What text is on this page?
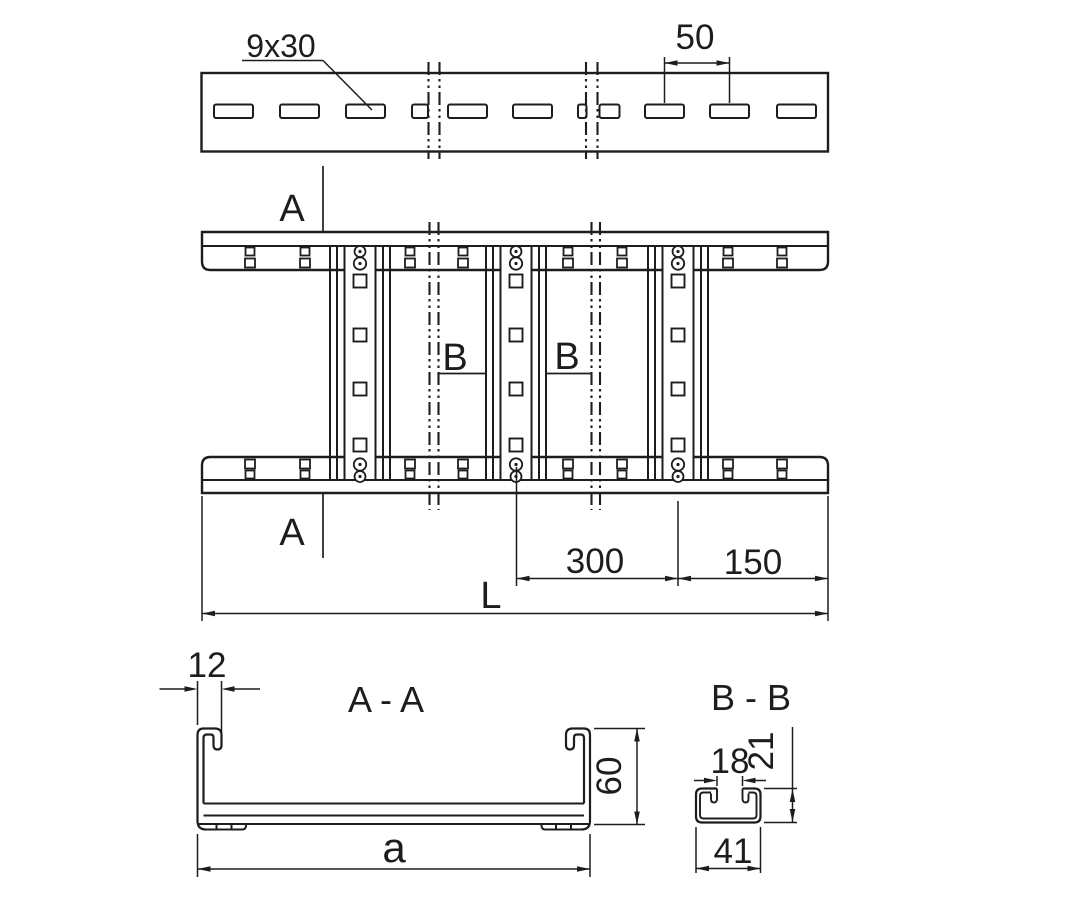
9x30	50
A
A
B B
300	150
L
A - A
12
60
a
B - B
18
21
41
